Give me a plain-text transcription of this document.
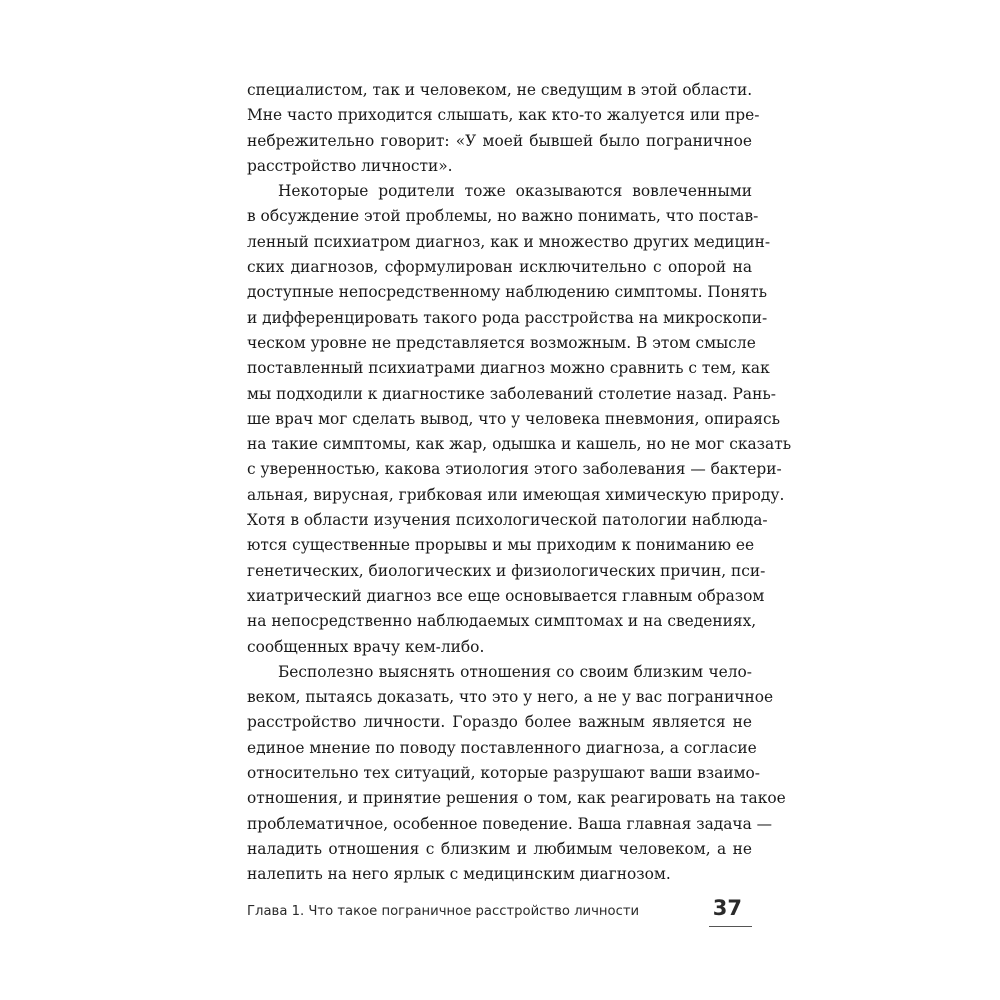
специалистом, так и человеком, не сведущим в этой области.
Мне часто приходится слышать, как кто-то жалуется или пре-
небрежительно говорит: «У моей бывшей было пограничное
расстройство личности».
Некоторые родители тоже оказываются вовлеченными
в обсуждение этой проблемы, но важно понимать, что постав-
ленный психиатром диагноз, как и множество других медицин-
ских диагнозов, сформулирован исключительно с опорой на
доступные непосредственному наблюдению симптомы. Понять
и дифференцировать такого рода расстройства на микроскопи-
ческом уровне не представляется возможным. В этом смысле
поставленный психиатрами диагноз можно сравнить с тем, как
мы подходили к диагностике заболеваний столетие назад. Рань-
ше врач мог сделать вывод, что у человека пневмония, опираясь
на такие симптомы, как жар, одышка и кашель, но не мог сказать
с уверенностью, какова этиология этого заболевания — бактери-
альная, вирусная, грибковая или имеющая химическую природу.
Хотя в области изучения психологической патологии наблюда-
ются существенные прорывы и мы приходим к пониманию ее
генетических, биологических и физиологических причин, пси-
хиатрический диагноз все еще основывается главным образом
на непосредственно наблюдаемых симптомах и на сведениях,
сообщенных врачу кем-либо.
Бесполезно выяснять отношения со своим близким чело-
веком, пытаясь доказать, что это у него, а не у вас пограничное
расстройство личности. Гораздо более важным является не
единое мнение по поводу поставленного диагноза, а согласие
относительно тех ситуаций, которые разрушают ваши взаимо-
отношения, и принятие решения о том, как реагировать на такое
проблематичное, особенное поведение. Ваша главная задача —
наладить отношения с близким и любимым человеком, а не
налепить на него ярлык с медицинским диагнозом.
Глава 1. Что такое пограничное расстройство личности	37
